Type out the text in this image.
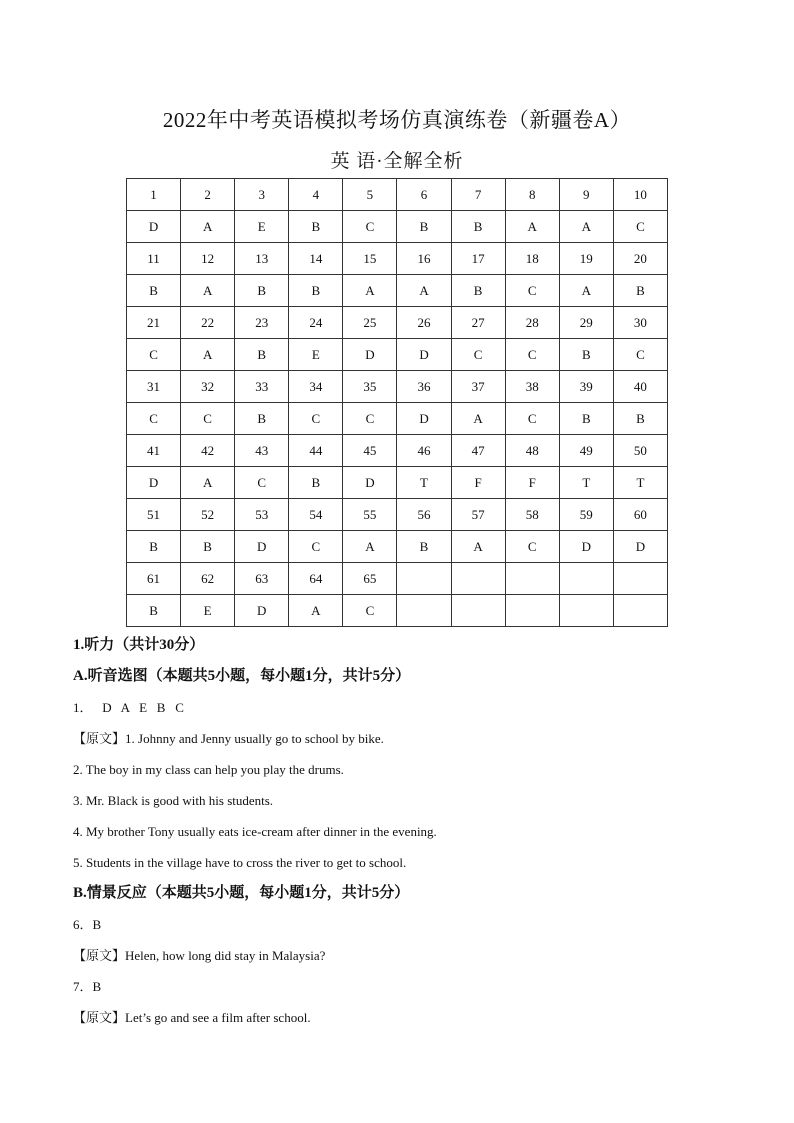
2022年中考英语模拟考场仿真演练卷（新疆卷A）
英 语·全解全析
1	2	3	4	5	6	7	8	9	10
D	A	E	B	C	B	B	A	A	C
11	12	13	14	15	16	17	18	19	20
B	A	B	B	A	A	B	C	A	B
21	22	23	24	25	26	27	28	29	30
C	A	B	E	D	D	C	C	B	C
31	32	33	34	35	36	37	38	39	40
C	C	B	C	C	D	A	C	B	B
41	42	43	44	45	46	47	48	49	50
D	A	C	B	D	T	F	F	T	T
51	52	53	54	55	56	57	58	59	60
B	B	D	C	A	B	A	C	D	D
61	62	63	64	65					
B	E	D	A	C					
1.听力（共计30分）
A.听音选图（本题共5小题，每小题1分，共计5分）
1．   D   A   E   B   C
【原文】1. Johnny and Jenny usually go to school by bike.
2. The boy in my class can help you play the drums.
3. Mr. Black is good with his students.
4. My brother Tony usually eats ice-cream after dinner in the evening.
5. Students in the village have to cross the river to get to school.
B.情景反应（本题共5小题，每小题1分，共计5分）
6．B
【原文】Helen, how long did stay in Malaysia?
7．B
【原文】Let’s go and see a film after school.
